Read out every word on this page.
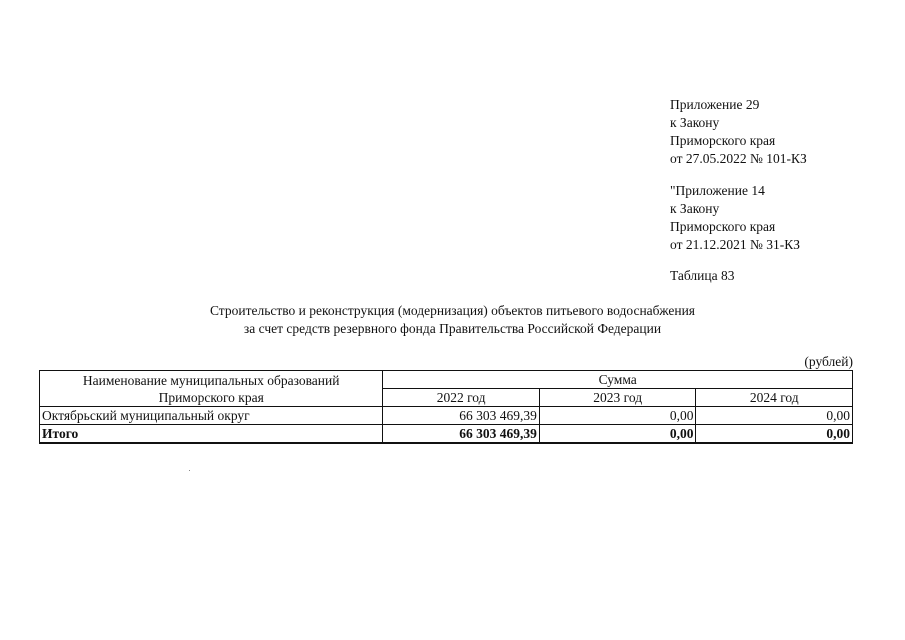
Приложение 29
к Закону
Приморского края
от 27.05.2022 № 101-КЗ
"Приложение 14
к Закону
Приморского края
от 21.12.2021 № 31-КЗ
Таблица 83
Строительство и реконструкция (модернизация) объектов питьевого водоснабжения
за счет средств резервного фонда Правительства Российской Федерации
(рублей)
Наименование муниципальных образований
Приморского края	Сумма		
	2022 год	2023 год	2024 год
Октябрьский муниципальный округ	66 303 469,39	0,00	0,00
Итого	66 303 469,39	0,00	0,00
